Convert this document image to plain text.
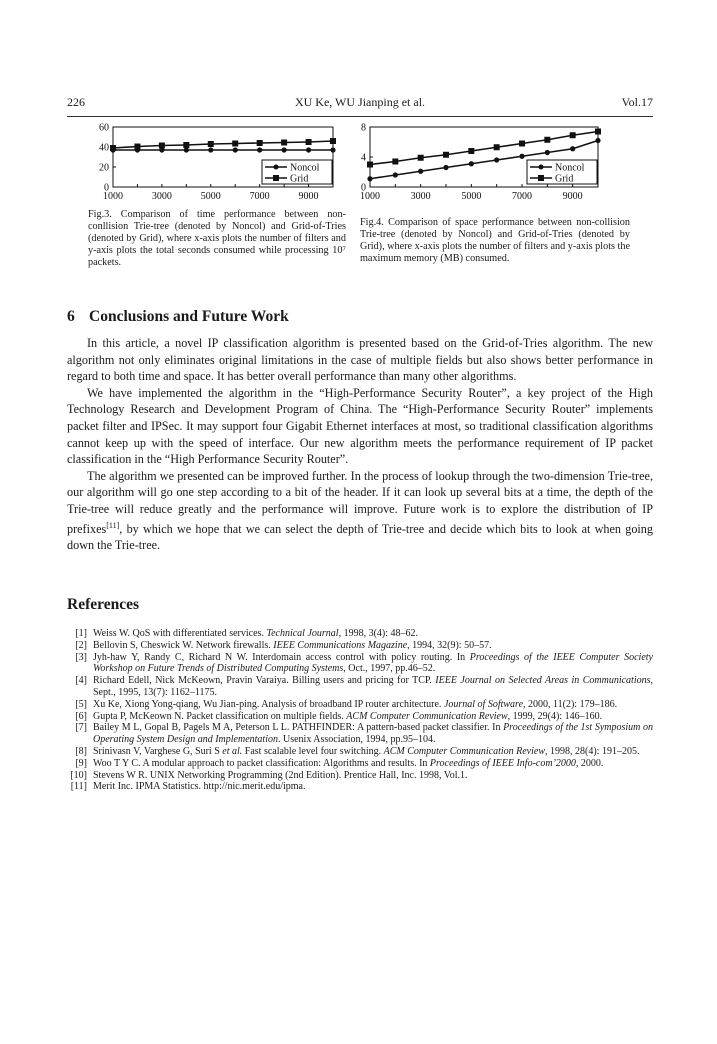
226	XU Ke, WU Jianping et al.	Vol.17
0
20
40
60
1000	3000	5000	7000	9000
Noncol
Grid
Fig.3. Comparison of time performance between non-conllision Trie-tree (denoted by Noncol) and Grid-of-Tries (denoted by Grid), where x-axis plots the number of filters and y-axis plots the total seconds consumed while processing 10⁷ packets.
0
4
8
1000	3000	5000	7000	9000
Noncol
Grid
Fig.4. Comparison of space performance between non-collision Trie-tree (denoted by Noncol) and Grid-of-Tries (denoted by Grid), where x-axis plots the number of filters and y-axis plots the maximum memory (MB) consumed.
6 Conclusions and Future Work

In this article, a novel IP classification algorithm is presented based on the Grid-of-Tries algorithm. The new algorithm not only eliminates original limitations in the case of multiple fields but also shows better performance in regard to both time and space. It has better overall performance than many other algorithms.

We have implemented the algorithm in the “High-Performance Security Router”, a key project of the High Technology Research and Development Program of China. The “High-Performance Security Router” implements packet filter and IPSec. It may support four Gigabit Ethernet interfaces at most, so traditional classification algorithms cannot keep up with the speed of interface. Our new algorithm meets the performance requirement of IP packet classification in the “High Performance Security Router”.

The algorithm we presented can be improved further. In the process of lookup through the two-dimension Trie-tree, our algorithm will go one step according to a bit of the header. If it can look up several bits at a time, the depth of the Trie-tree will reduce greatly and the performance will improve. Future work is to explore the distribution of IP prefixes[11], by which we hope that we can select the depth of Trie-tree and decide which bits to look at when going down the Trie-tree.

References
[1] Weiss W. QoS with differentiated services. Technical Journal, 1998, 3(4): 48–62.
[2] Bellovin S, Cheswick W. Network firewalls. IEEE Communications Magazine, 1994, 32(9): 50–57.
[3] Jyh-haw Y, Randy C, Richard N W. Interdomain access control with policy routing. In Proceedings of the IEEE Computer Society Workshop on Future Trends of Distributed Computing Systems, Oct., 1997, pp.46–52.
[4] Richard Edell, Nick McKeown, Pravin Varaiya. Billing users and pricing for TCP. IEEE Journal on Selected Areas in Communications, Sept., 1995, 13(7): 1162–1175.
[5] Xu Ke, Xiong Yong-qiang, Wu Jian-ping. Analysis of broadband IP router architecture. Journal of Software, 2000, 11(2): 179–186.
[6] Gupta P, McKeown N. Packet classification on multiple fields. ACM Computer Communication Review, 1999, 29(4): 146–160.
[7] Bailey M L, Gopal B, Pagels M A, Peterson L L. PATHFINDER: A pattern-based packet classifier. In Proceedings of the 1st Symposium on Operating System Design and Implementation. Usenix Association, 1994, pp.95–104.
[8] Srinivasn V, Varghese G, Suri S et al. Fast scalable level four switching. ACM Computer Communication Review, 1998, 28(4): 191–205.
[9] Woo T Y C. A modular approach to packet classification: Algorithms and results. In Proceedings of IEEE Info-com’2000, 2000.
[10] Stevens W R. UNIX Networking Programming (2nd Edition). Prentice Hall, Inc. 1998, Vol.1.
[11] Merit Inc. IPMA Statistics. http://nic.merit.edu/ipma.
